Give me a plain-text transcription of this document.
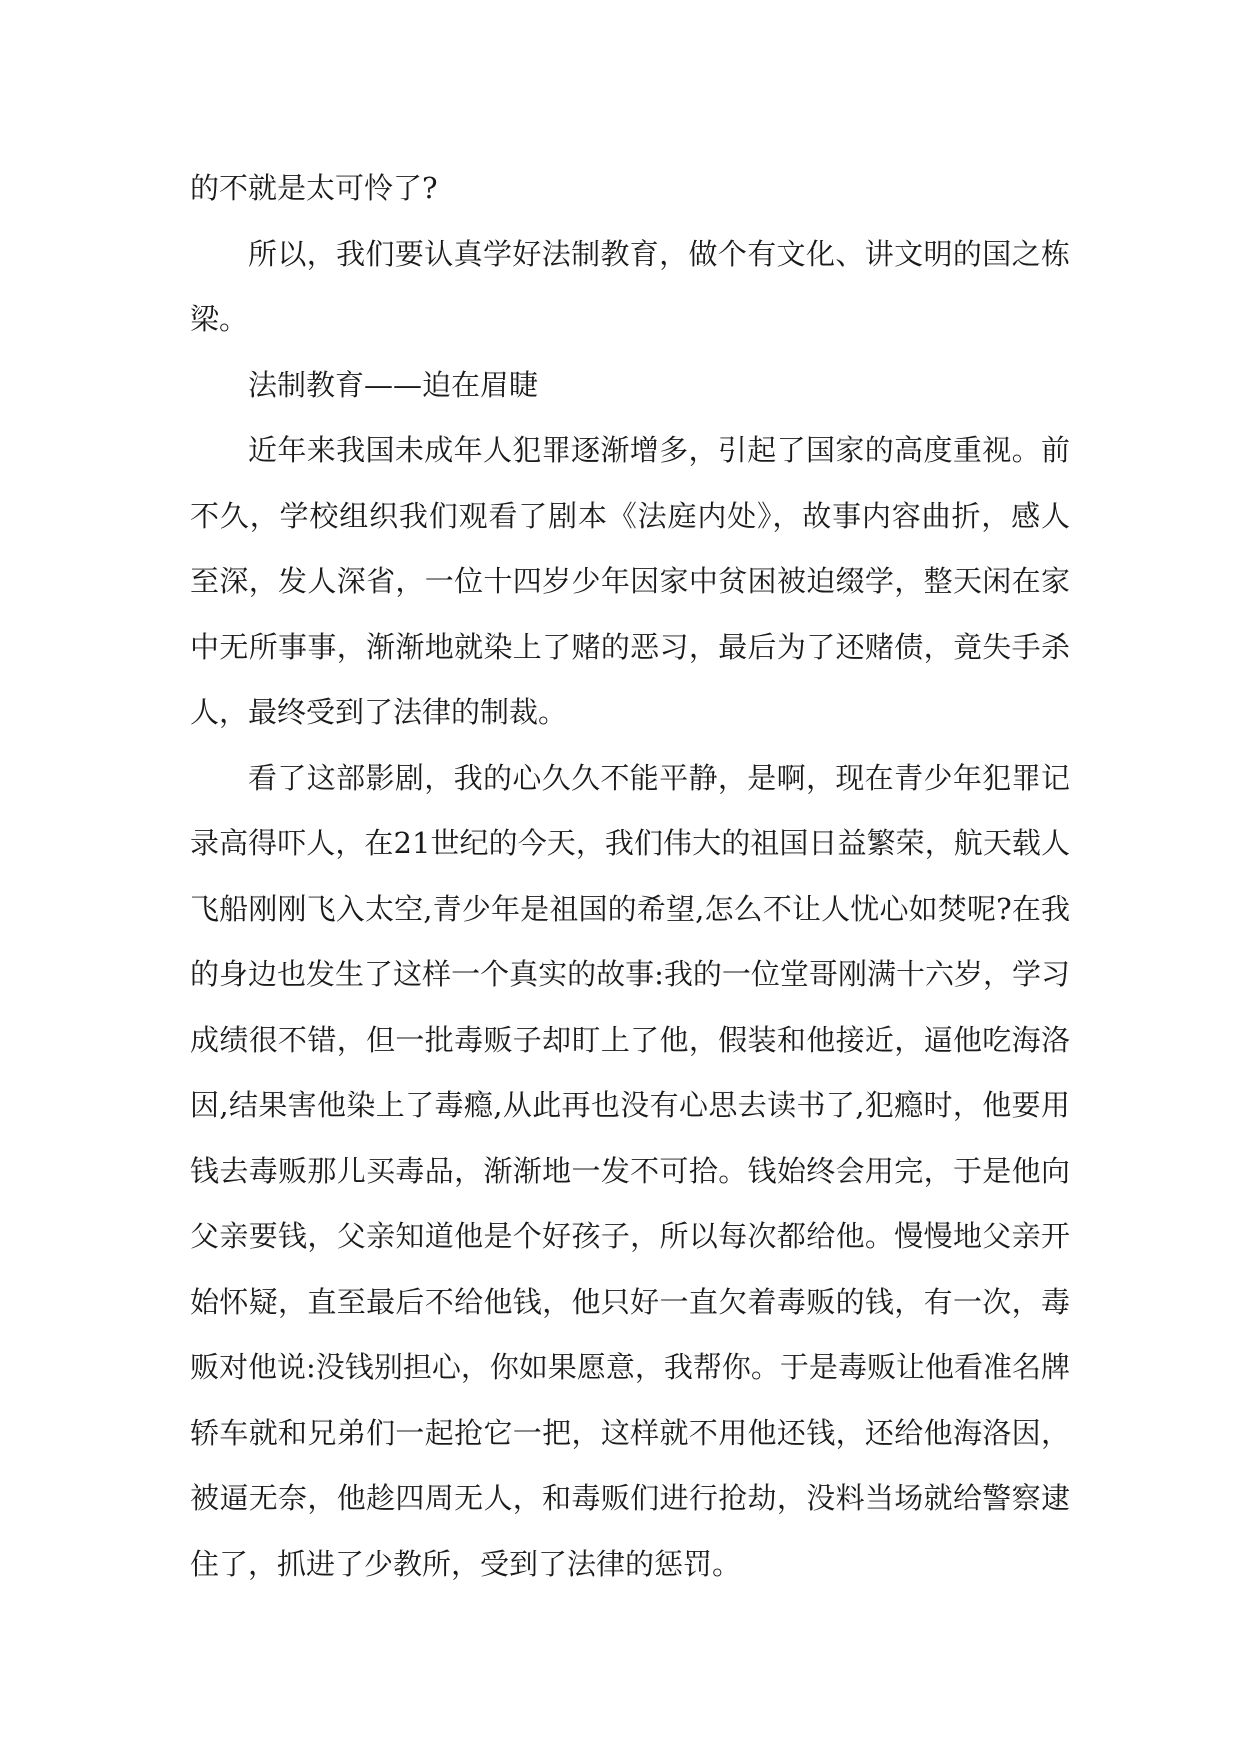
的不就是太可怜了?

所以，我们要认真学好法制教育，做个有文化、讲文明的国之栋梁。

法制教育——迫在眉睫

近年来我国未成年人犯罪逐渐增多，引起了国家的高度重视。前不久，学校组织我们观看了剧本《法庭内处》，故事内容曲折，感人至深，发人深省，一位十四岁少年因家中贫困被迫缀学，整天闲在家中无所事事，渐渐地就染上了赌的恶习，最后为了还赌债，竟失手杀人，最终受到了法律的制裁。

看了这部影剧，我的心久久不能平静，是啊，现在青少年犯罪记录高得吓人，在21世纪的今天，我们伟大的祖国日益繁荣，航天载人飞船刚刚飞入太空,青少年是祖国的希望,怎么不让人忧心如焚呢?在我的身边也发生了这样一个真实的故事:我的一位堂哥刚满十六岁，学习成绩很不错，但一批毒贩子却盯上了他，假装和他接近，逼他吃海洛因,结果害他染上了毒瘾,从此再也没有心思去读书了,犯瘾时，他要用钱去毒贩那儿买毒品，渐渐地一发不可拾。钱始终会用完，于是他向父亲要钱，父亲知道他是个好孩子，所以每次都给他。慢慢地父亲开始怀疑，直至最后不给他钱，他只好一直欠着毒贩的钱，有一次，毒贩对他说:没钱别担心，你如果愿意，我帮你。于是毒贩让他看准名牌轿车就和兄弟们一起抢它一把，这样就不用他还钱，还给他海洛因，被逼无奈，他趁四周无人，和毒贩们进行抢劫，没料当场就给警察逮住了，抓进了少教所，受到了法律的惩罚。
